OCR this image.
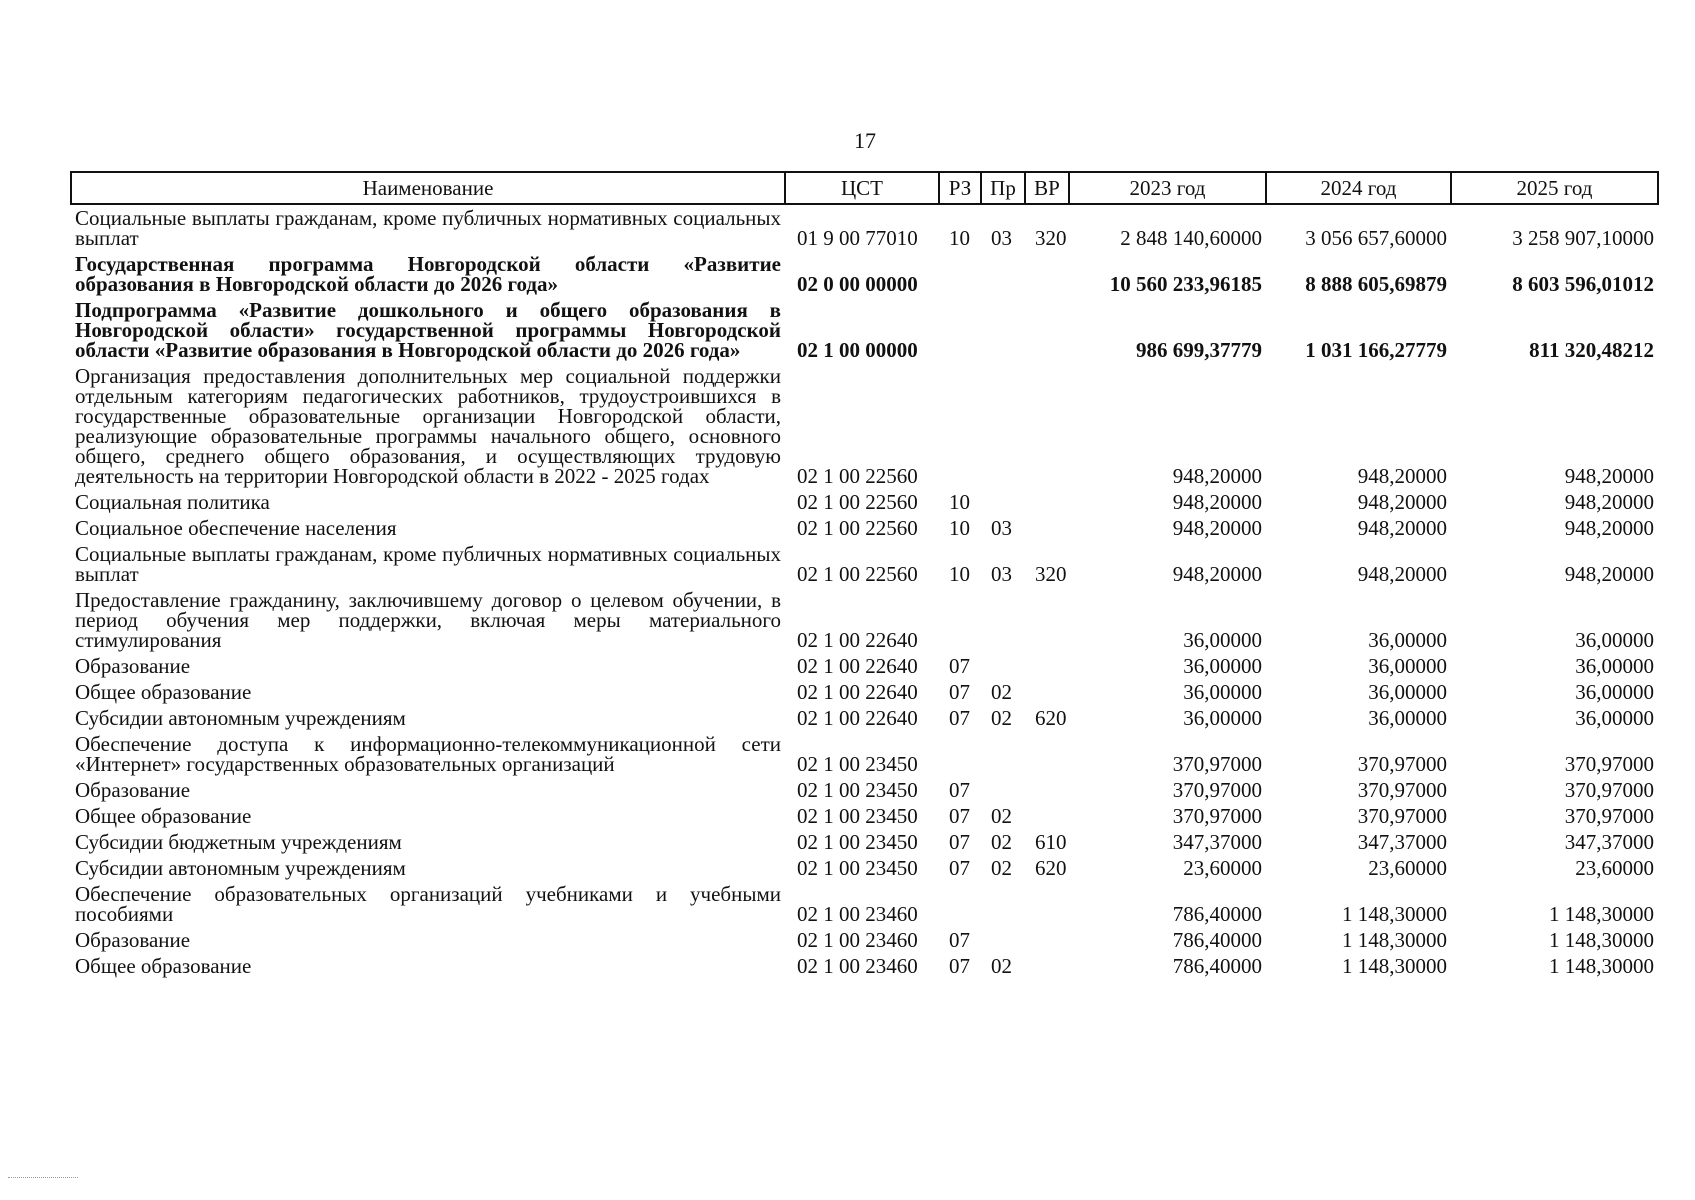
17
Наименование	ЦСТ	РЗ	Пр	ВР	2023 год	2024 год	2025 год
Социальные выплаты гражданам, кроме публичных нормативных социальных выплат	01 9 00 77010	10	03	320	2 848 140,60000	3 056 657,60000	3 258 907,10000
Государственная программа Новгородской области «Развитие образования в Новгородской области до 2026 года»	02 0 00 00000				10 560 233,96185	8 888 605,69879	8 603 596,01012
Подпрограмма «Развитие дошкольного и общего образования в Новгородской области» государственной программы Новгородской области «Развитие образования в Новгородской области до 2026 года»	02 1 00 00000				986 699,37779	1 031 166,27779	811 320,48212
Организация предоставления дополнительных мер социальной поддержки отдельным категориям педагогических работников, трудоустроившихся в государственные образовательные организации Новгородской области, реализующие образовательные программы начального общего, основного общего, среднего общего образования, и осуществляющих трудовую деятельность на территории Новгородской области в 2022 - 2025 годах	02 1 00 22560				948,20000	948,20000	948,20000
Социальная политика	02 1 00 22560	10			948,20000	948,20000	948,20000
Социальное обеспечение населения	02 1 00 22560	10	03		948,20000	948,20000	948,20000
Социальные выплаты гражданам, кроме публичных нормативных социальных выплат	02 1 00 22560	10	03	320	948,20000	948,20000	948,20000
Предоставление гражданину, заключившему договор о целевом обучении, в период обучения мер поддержки, включая меры материального стимулирования	02 1 00 22640				36,00000	36,00000	36,00000
Образование	02 1 00 22640	07			36,00000	36,00000	36,00000
Общее образование	02 1 00 22640	07	02		36,00000	36,00000	36,00000
Субсидии автономным учреждениям	02 1 00 22640	07	02	620	36,00000	36,00000	36,00000
Обеспечение доступа к информационно-телекоммуникационной сети «Интернет» государственных образовательных организаций	02 1 00 23450				370,97000	370,97000	370,97000
Образование	02 1 00 23450	07			370,97000	370,97000	370,97000
Общее образование	02 1 00 23450	07	02		370,97000	370,97000	370,97000
Субсидии бюджетным учреждениям	02 1 00 23450	07	02	610	347,37000	347,37000	347,37000
Субсидии автономным учреждениям	02 1 00 23450	07	02	620	23,60000	23,60000	23,60000
Обеспечение образовательных организаций учебниками и учебными пособиями	02 1 00 23460				786,40000	1 148,30000	1 148,30000
Образование	02 1 00 23460	07			786,40000	1 148,30000	1 148,30000
Общее образование	02 1 00 23460	07	02		786,40000	1 148,30000	1 148,30000
